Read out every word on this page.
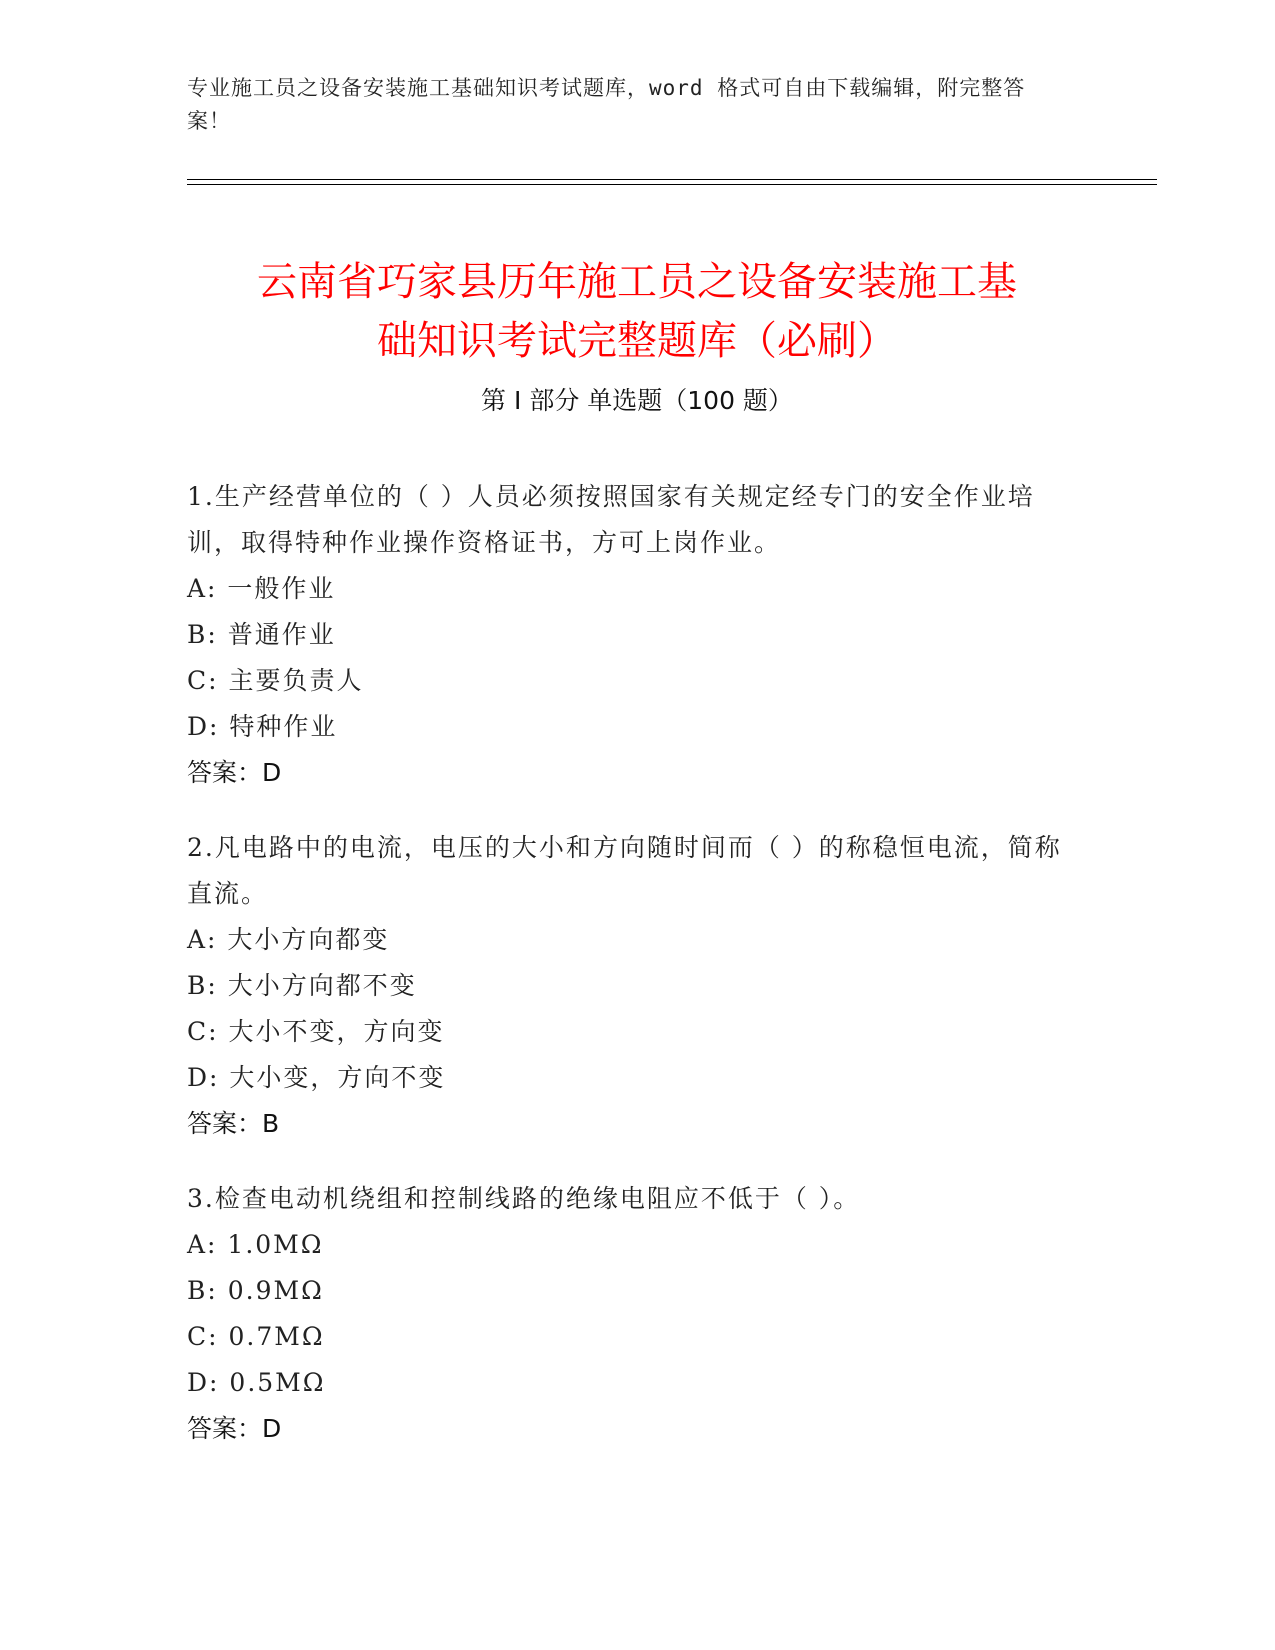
专业施工员之设备安装施工基础知识考试题库，word 格式可自由下载编辑，附完整答案！
云南省巧家县历年施工员之设备安装施工基
础知识考试完整题库（必刷）
第 I 部分 单选题（100 题）
1.生产经营单位的（ ）人员必须按照国家有关规定经专门的安全作业培训，取得特种作业操作资格证书，方可上岗作业。
A: 一般作业
B: 普通作业
C: 主要负责人
D: 特种作业
答案：D
2.凡电路中的电流，电压的大小和方向随时间而（ ）的称稳恒电流，简称直流。
A: 大小方向都变
B: 大小方向都不变
C: 大小不变，方向变
D: 大小变，方向不变
答案：B
3.检查电动机绕组和控制线路的绝缘电阻应不低于（ ）。
A: 1.0MΩ
B: 0.9MΩ
C: 0.7MΩ
D: 0.5MΩ
答案：D
